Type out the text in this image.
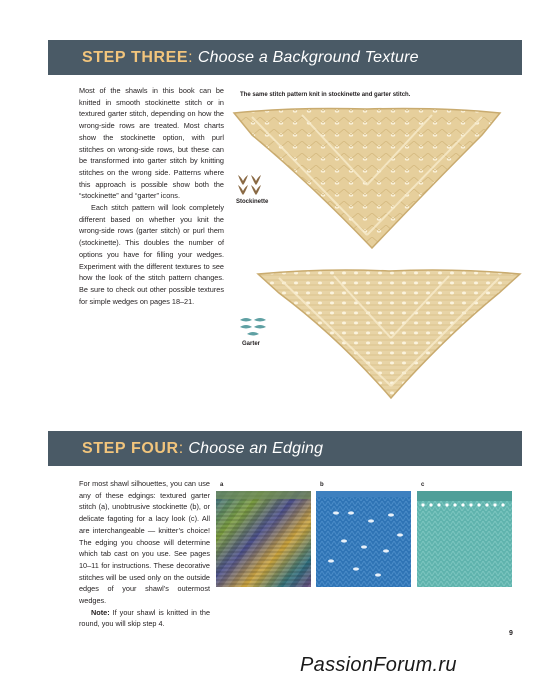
STEP THREE : Choose a Background Texture

Most of the shawls in this book can be knitted in smooth stockinette stitch or in textured garter stitch, depending on how the wrong-side rows are treated. Most charts show the stockinette option, with purl stitches on wrong-side rows, but these can be transformed into garter stitch by knitting stitches on the wrong side. Patterns where this approach is possible show both the “stockinette” and “garter” icons.

Each stitch pattern will look completely different based on whether you knit the wrong-side rows (garter stitch) or purl them (stockinette). This doubles the number of options you have for filling your wedges. Experiment with the different textures to see how the look of the stitch pattern changes. Be sure to check out other possible textures for simple wedges on pages 18–21.

The same stitch pattern knit in stockinette and garter stitch.
Stockinette
Garter
STEP FOUR : Choose an Edging

For most shawl silhouettes, you can use any of these edgings: textured garter stitch (a), unobtrusive stockinette (b), or delicate fagoting for a lacy look (c). All are interchangeable — knitter’s choice! The edging you choose will determine which tab cast on you use. See pages 10–11 for instructions. These decorative stitches will be used only on the outside edges of your shawl’s outermost wedges.

Note: If your shawl is knitted in the round, you will skip step 4.

a	b	c
9
PassionForum.ru
